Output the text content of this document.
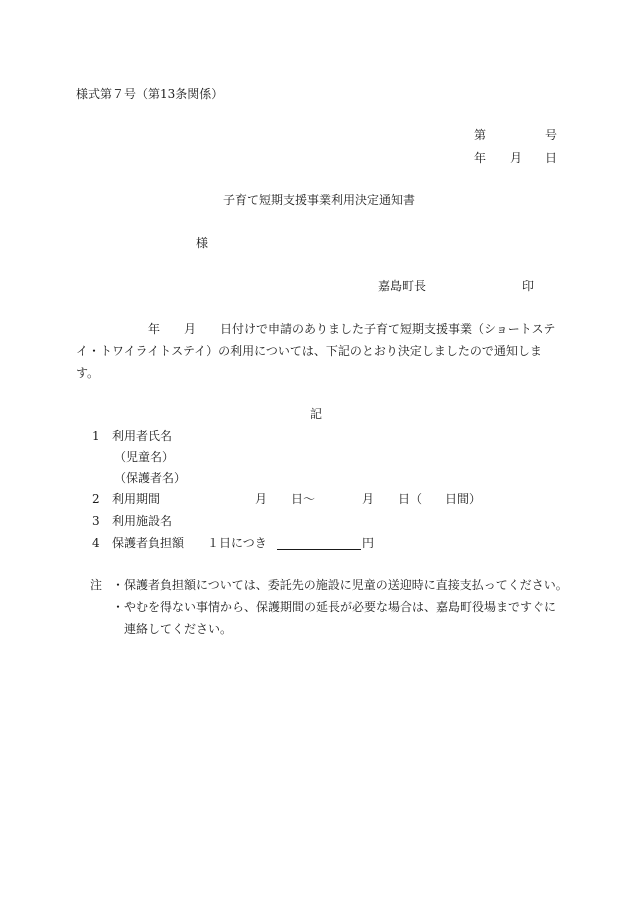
様式第７号（第13条関係）
第	号
年 月 日
子育て短期支援事業利用決定通知書
様
嘉島町長	印
年 月 日付けで申請のありました子育て短期支援事業（ショートステ
イ・トワイライトステイ）の利用については、下記のとおり決定しましたので通知しま
す。
記
1 利用者氏名
（児童名）
（保護者名）
2 利用期間	月 日～	月 日（ 日間）
3 利用施設名
4 保護者負担額 １日につき	円
注 ・保護者負担額については、委託先の施設に児童の送迎時に直接支払ってください。
・やむを得ない事情から、保護期間の延長が必要な場合は、嘉島町役場まですぐに
連絡してください。
